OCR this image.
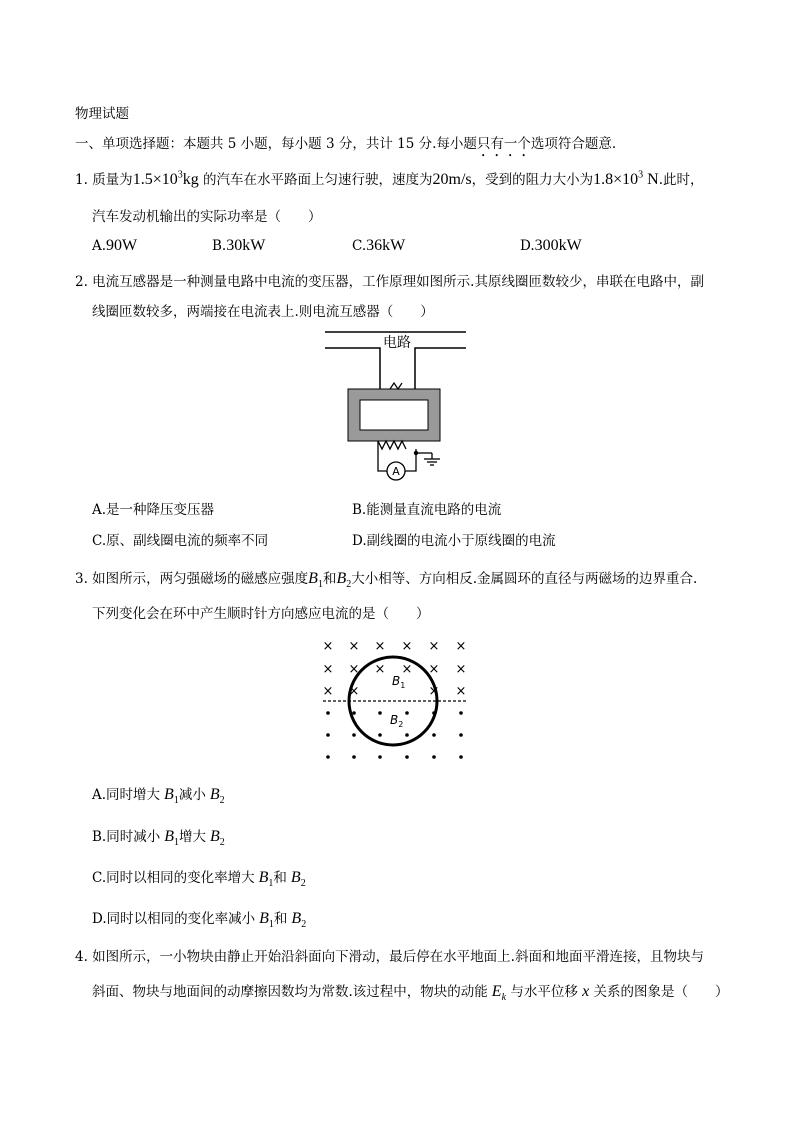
物理试题
一、单项选择题：本题共 5 小题，每小题 3 分，共计 15 分.每小题只有一个选项符合题意.
1. 质量为$1.5\times 10^3kg$ 的汽车在水平路面上匀速行驶，速度为20m/s，受到的阻力大小为$1.8\times 10^3$ N.此时，
汽车发动机输出的实际功率是（　　）
A.90W	B.30kW	C.36kW	D.300kW
2. 电流互感器是一种测量电路中电流的变压器，工作原理如图所示.其原线圈匝数较少，串联在电路中，副
线圈匝数较多，两端接在电流表上.则电流互感器（　　）
电路
A
A.是一种降压变压器	B.能测量直流电路的电流
C.原、副线圈电流的频率不同	D.副线圈的电流小于原线圈的电流
3. 如图所示，两匀强磁场的磁感应强度$B_1$和$B_2$大小相等、方向相反.金属圆环的直径与两磁场的边界重合.
下列变化会在环中产生顺时针方向感应电流的是（　　）
× × × × × ×
× ×	× ×
× ×	× ×
× ×
$B_1$
$B_2$
A.同时增大 $B_1$减小 $B_2$
B.同时减小 $B_1$增大 $B_2$
C.同时以相同的变化率增大 $B_1$和 $B_2$
D.同时以相同的变化率减小 $B_1$和 $B_2$
4. 如图所示，一小物块由静止开始沿斜面向下滑动，最后停在水平地面上.斜面和地面平滑连接，且物块与
斜面、物块与地面间的动摩擦因数均为常数.该过程中，物块的动能 $E_k$ 与水平位移 x 关系的图象是（　　）
